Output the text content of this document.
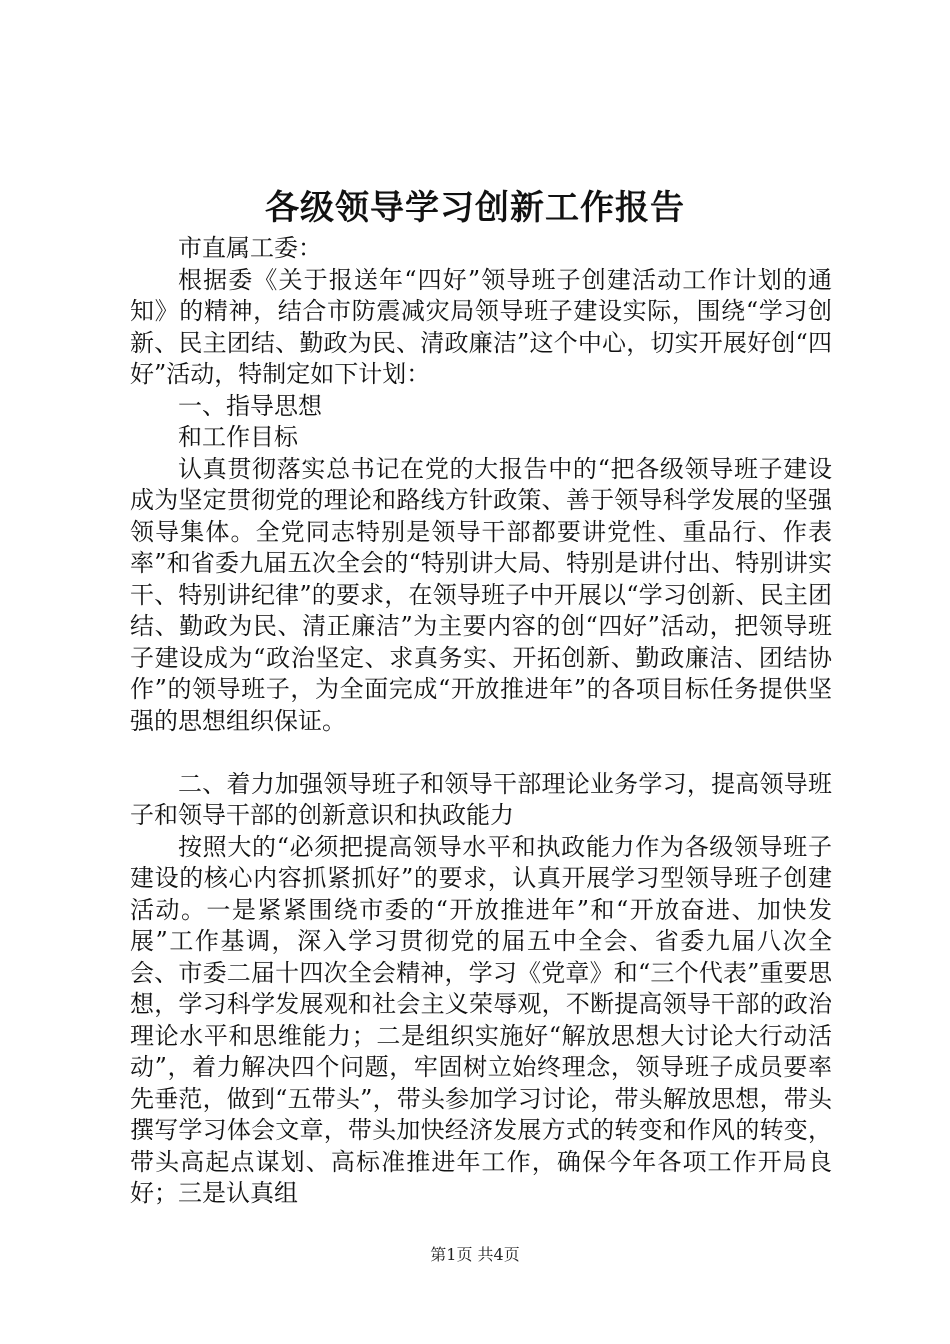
各级领导学习创新工作报告

市直属工委：

根据委《关于报送年“四好”领导班子创建活动工作计划的通知》的精神，结合市防震减灾局领导班子建设实际，围绕“学习创新、民主团结、勤政为民、清政廉洁”这个中心，切实开展好创“四好”活动，特制定如下计划：

一、指导思想

和工作目标

认真贯彻落实总书记在党的大报告中的“把各级领导班子建设成为坚定贯彻党的理论和路线方针政策、善于领导科学发展的坚强领导集体。全党同志特别是领导干部都要讲党性、重品行、作表率”和省委九届五次全会的“特别讲大局、特别是讲付出、特别讲实干、特别讲纪律”的要求，在领导班子中开展以“学习创新、民主团结、勤政为民、清正廉洁”为主要内容的创“四好”活动，把领导班子建设成为“政治坚定、求真务实、开拓创新、勤政廉洁、团结协作”的领导班子，为全面完成“开放推进年”的各项目标任务提供坚强的思想组织保证。

二、着力加强领导班子和领导干部理论业务学习，提高领导班子和领导干部的创新意识和执政能力

按照大的“必须把提高领导水平和执政能力作为各级领导班子建设的核心内容抓紧抓好”的要求，认真开展学习型领导班子创建活动。一是紧紧围绕市委的“开放推进年”和“开放奋进、加快发展”工作基调，深入学习贯彻党的届五中全会、省委九届八次全会、市委二届十四次全会精神，学习《党章》和“三个代表”重要思想，学习科学发展观和社会主义荣辱观，不断提高领导干部的政治理论水平和思维能力；二是组织实施好“解放思想大讨论大行动活动”，着力解决四个问题，牢固树立始终理念，领导班子成员要率先垂范，做到“五带头”，带头参加学习讨论，带头解放思想，带头撰写学习体会文章，带头加快经济发展方式的转变和作风的转变，带头高起点谋划、高标准推进年工作，确保今年各项工作开局良好；三是认真组

第1页 共4页
